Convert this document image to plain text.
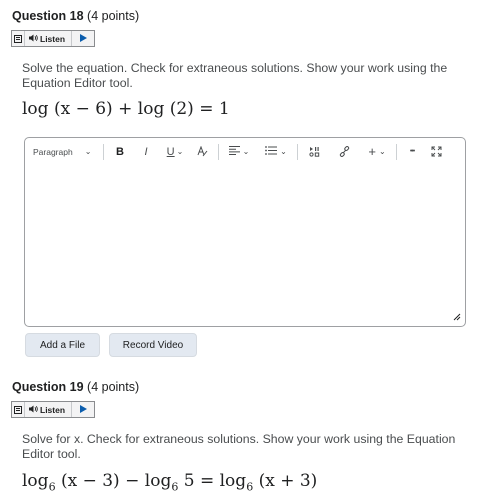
Question 18 (4 points)
Listen
Solve the equation. Check for extraneous solutions. Show your work using the Equation Editor tool.
log (x − 6) + log (2) = 1
Paragraph ⌄	B	I	U ⌄	⌄	⌄	+ ⌄	•••
Add a File	Record Video
Question 19 (4 points)
Listen
Solve for x. Check for extraneous solutions. Show your work using the Equation Editor tool.
$\log_6 (x - 3) - \log_6 5 = \log_6 (x + 3)$
